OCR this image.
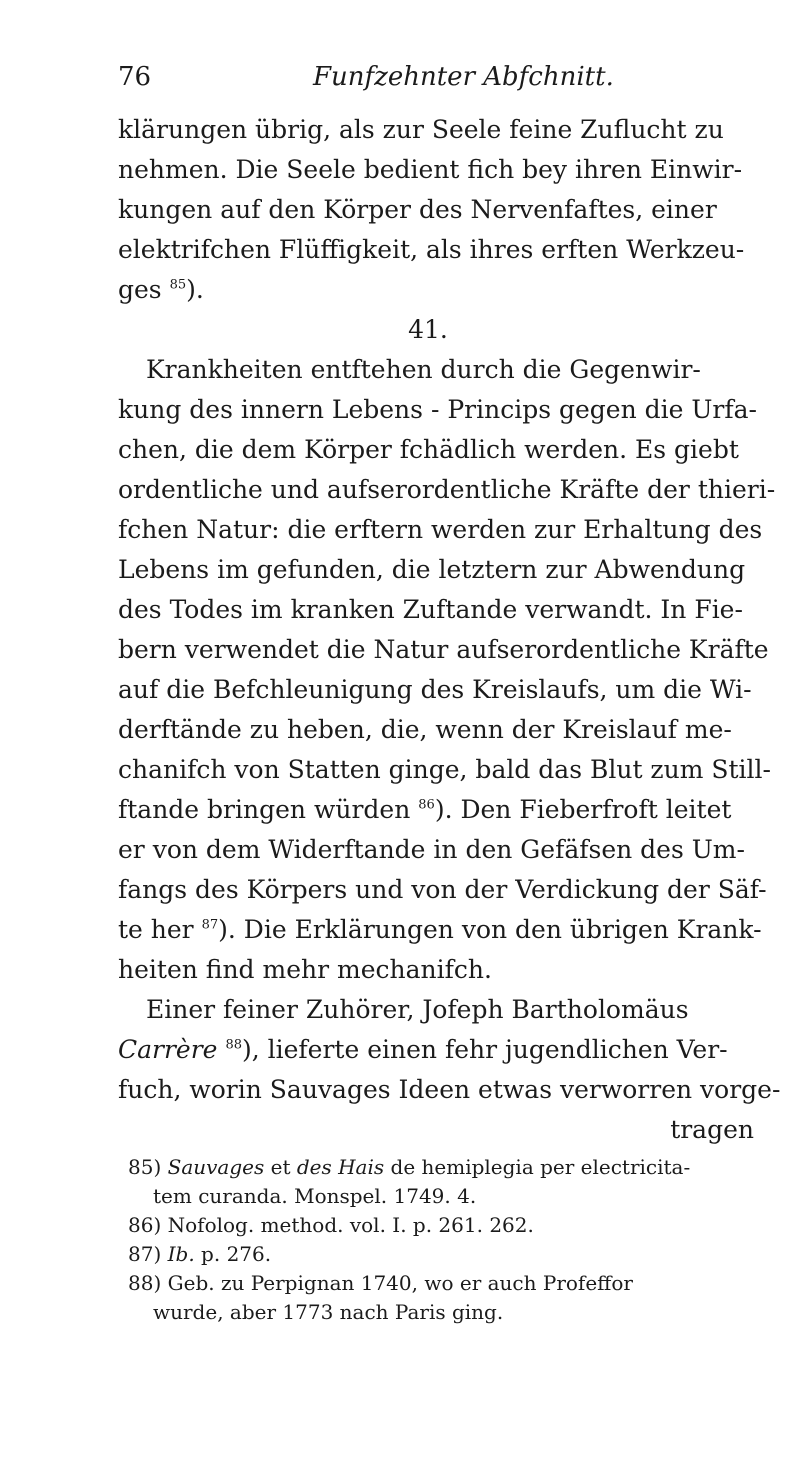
76	Funfzehnter Abfchnitt.
klärungen übrig, als zur Seele feine Zuflucht zu
nehmen. Die Seele bedient fich bey ihren Einwir-
kungen auf den Körper des Nervenfaftes, einer
elektrifchen Flüffigkeit, als ihres erften Werkzeu-
ges $^{85}$).
41.
Krankheiten entftehen durch die Gegenwir-
kung des innern Lebens - Princips gegen die Urfa-
chen, die dem Körper fchädlich werden. Es giebt
ordentliche und aufserordentliche Kräfte der thieri-
fchen Natur: die erftern werden zur Erhaltung des
Lebens im gefunden, die letztern zur Abwendung
des Todes im kranken Zuftande verwandt. In Fie-
bern verwendet die Natur aufserordentliche Kräfte
auf die Befchleunigung des Kreislaufs, um die Wi-
derftände zu heben, die, wenn der Kreislauf me-
chanifch von Statten ginge, bald das Blut zum Still-
ftande bringen würden $^{86}$). Den Fieberfroft leitet
er von dem Widerftande in den Gefäfsen des Um-
fangs des Körpers und von der Verdickung der Säf-
te her $^{87}$). Die Erklärungen von den übrigen Krank-
heiten find mehr mechanifch.
Einer feiner Zuhörer, Jofeph Bartholomäus
Carrère $^{88}$), lieferte einen fehr jugendlichen Ver-
fuch, worin Sauvages Ideen etwas verworren vorge-
tragen
85) Sauvages et des Hais de hemiplegia per electricita-
tem curanda. Monspel. 1749. 4.
86) Nofolog. method. vol. I. p. 261. 262.
87) Ib. p. 276.
88) Geb. zu Perpignan 1740, wo er auch Profeffor
wurde, aber 1773 nach Paris ging.
